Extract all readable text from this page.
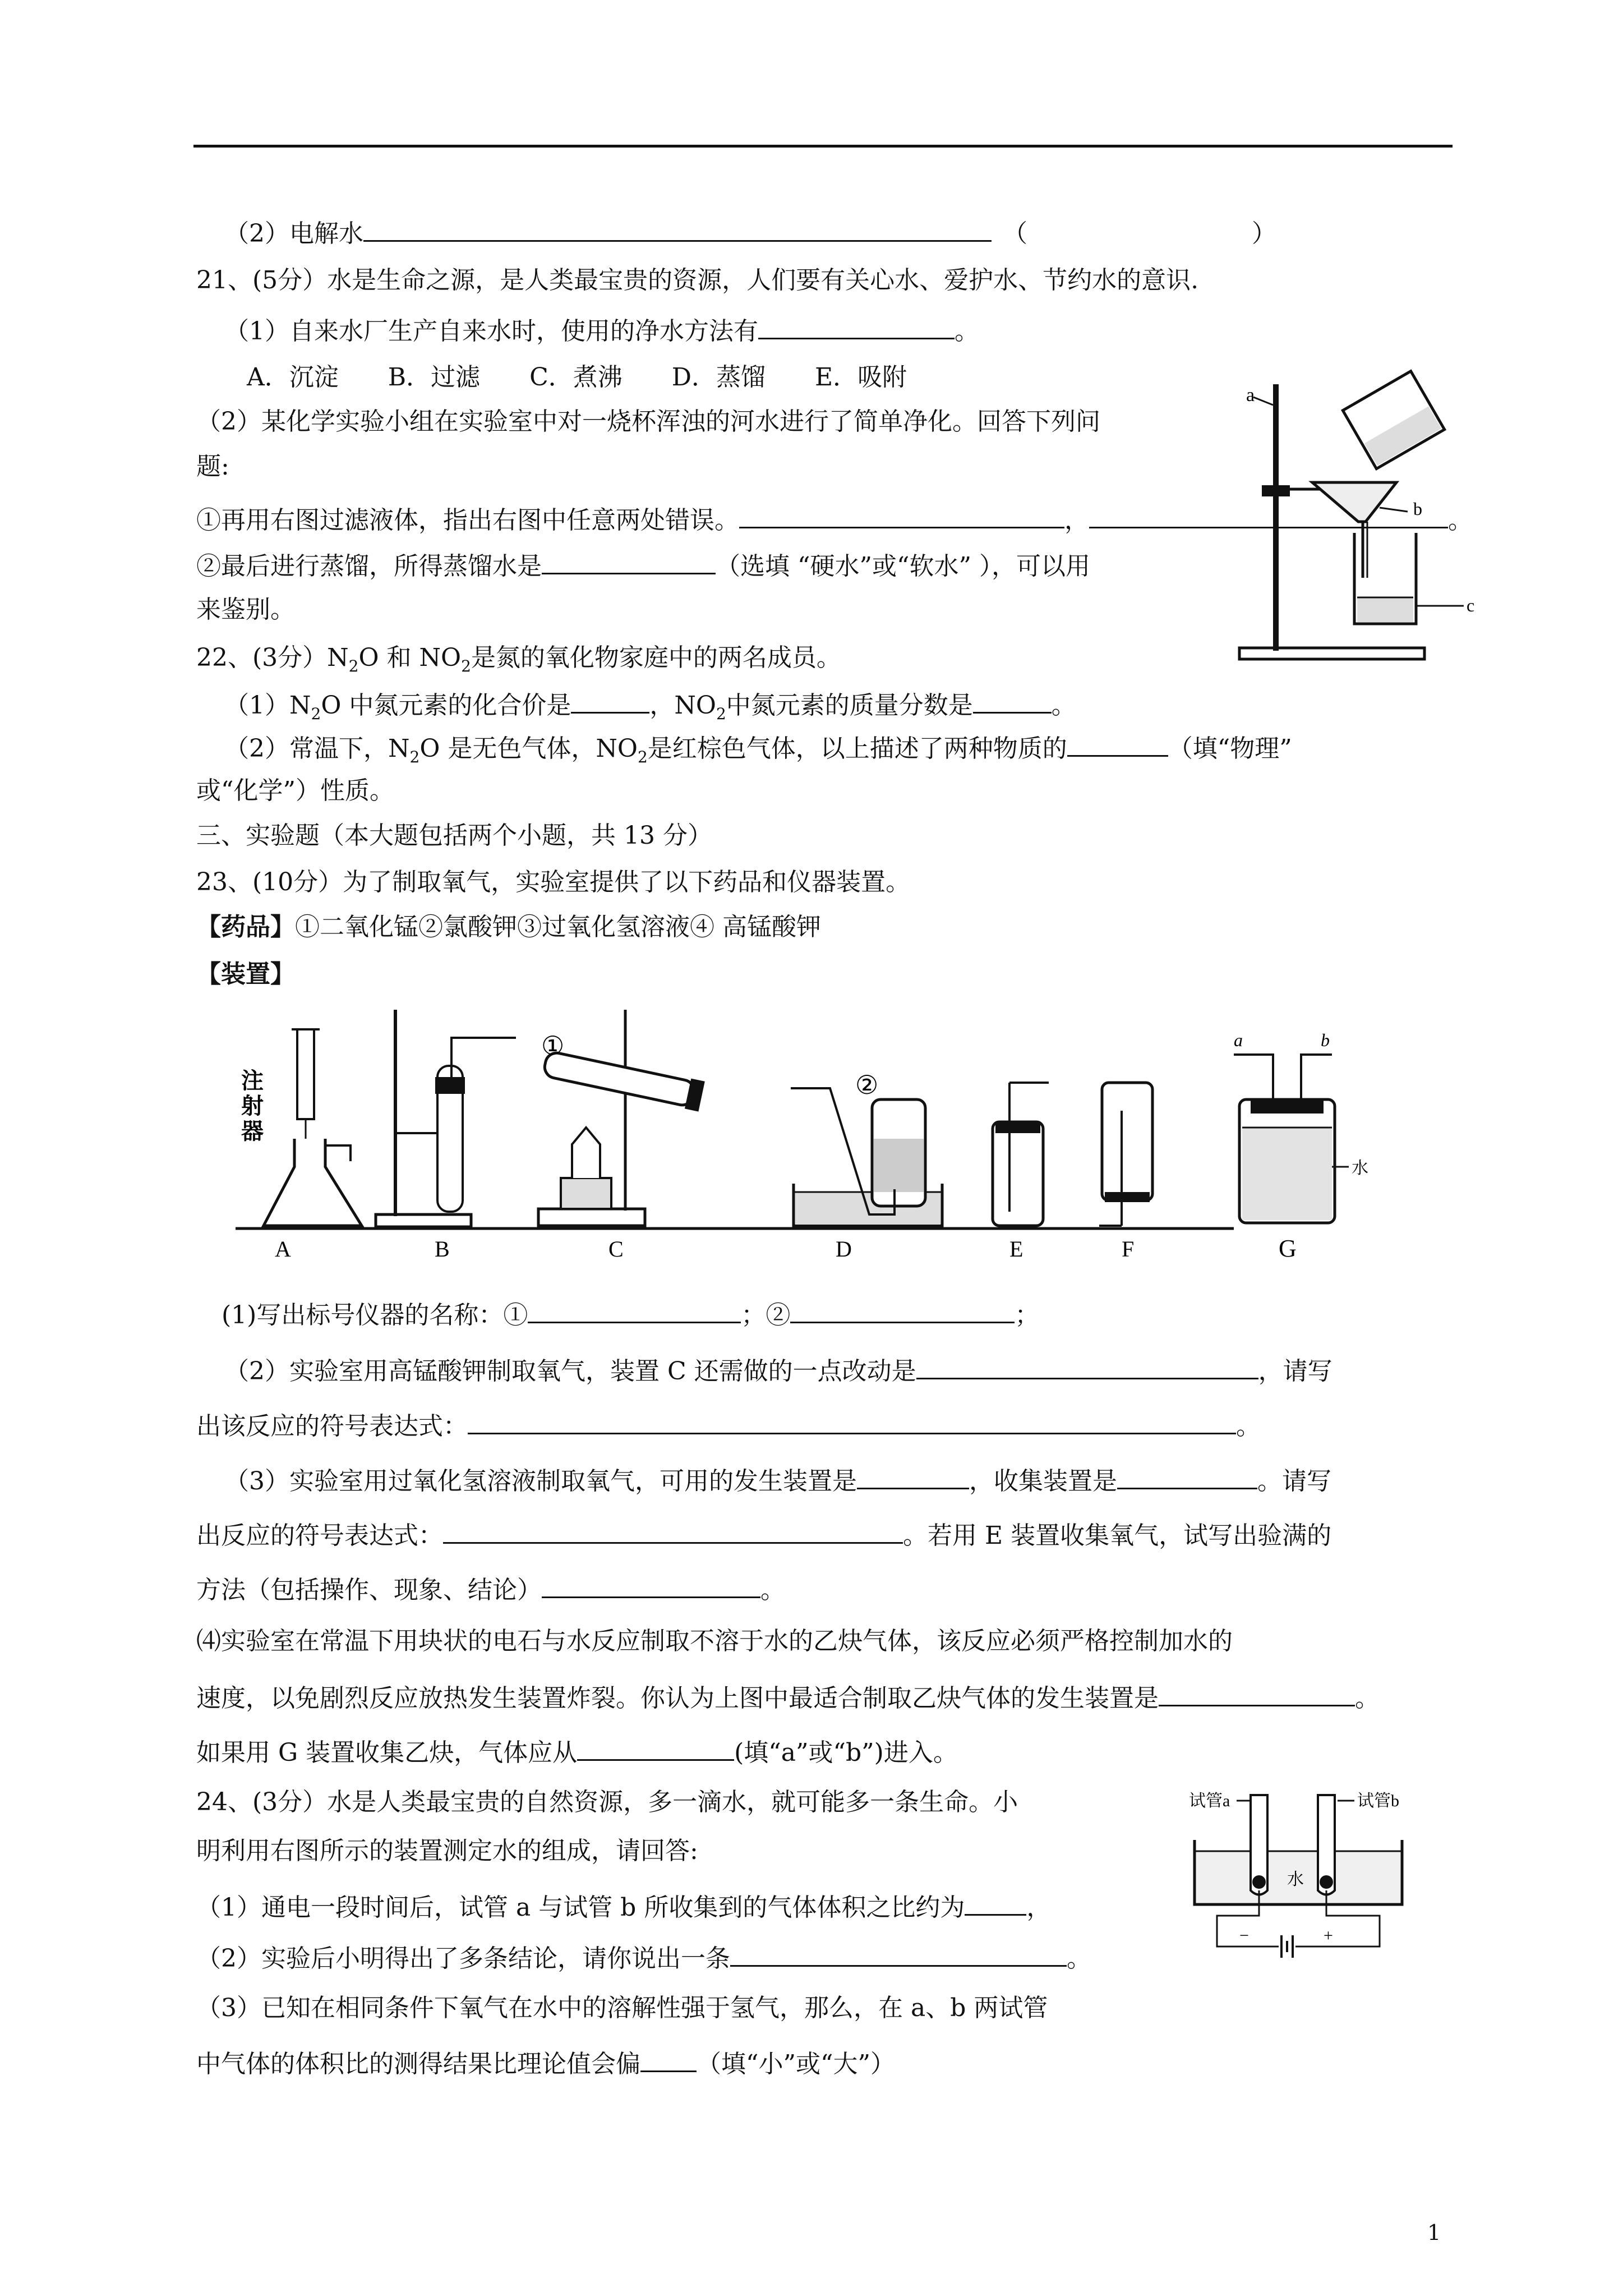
（2）电解水	（	）
21、(5分）水是生命之源，是人类最宝贵的资源，人们要有关心水、爱护水、节约水的意识.
（1）自来水厂生产自来水时，使用的净水方法有	。
A．沉淀　　B．过滤　　C．煮沸　　D．蒸馏　　E．吸附
（2）某化学实验小组在实验室中对一烧杯浑浊的河水进行了简单净化。回答下列问
题:
①再用右图过滤液体，指出右图中任意两处错误。	，	。
②最后进行蒸馏，所得蒸馏水是	（选填 “硬水”或“软水” ），可以用
来鉴别。
a
b
c
22、(3分）$N_2O$ 和 $NO_2$是氮的氧化物家庭中的两名成员。
$(1)N_2O$ 中氮元素的化合价是	，$NO_2$中氮元素的质量分数是	。
（2）常温下，$N_2O$ 是无色气体，$NO_2$是红棕色气体，以上描述了两种物质的	（填“物理”
或“化学”）性质。
三、实验题（本大题包括两个小题，共 13 分）
23、(10分）为了制取氧气，实验室提供了以下药品和仪器装置。
【药品】①二氧化锰②氯酸钾③过氧化氢溶液④ 高锰酸钾
【装置】
注
射
器
A	B
①
C
②
D	E	F
a	b
水
G
(1)写出标号仪器的名称：①	；②	；
（2）实验室用高锰酸钾制取氧气，装置 C 还需做的一点改动是	，请写
出该反应的符号表达式：	。
（3）实验室用过氧化氢溶液制取氧气，可用的发生装置是	，收集装置是	。请写
出反应的符号表达式：	。若用 E 装置收集氧气，试写出验满的
方法（包括操作、现象、结论）	。
⑷实验室在常温下用块状的电石与水反应制取不溶于水的乙炔气体，该反应必须严格控制加水的
速度，以免剧烈反应放热发生装置炸裂。你认为上图中最适合制取乙炔气体的发生装置是	。
如果用 G 装置收集乙炔，气体应从	(填“a”或“b”)进入。
24、(3分）水是人类最宝贵的自然资源，多一滴水，就可能多一条生命。小
明利用右图所示的装置测定水的组成，请回答:
（1）通电一段时间后，试管 a 与试管 b 所收集到的气体体积之比约为	，
（2）实验后小明得出了多条结论，请你说出一条	。
（3）已知在相同条件下氧气在水中的溶解性强于氢气，那么，在 a、b 两试管
中气体的体积比的测得结果比理论值会偏 （填“小”或“大”）
试管a	试管b
水
−	+
1
